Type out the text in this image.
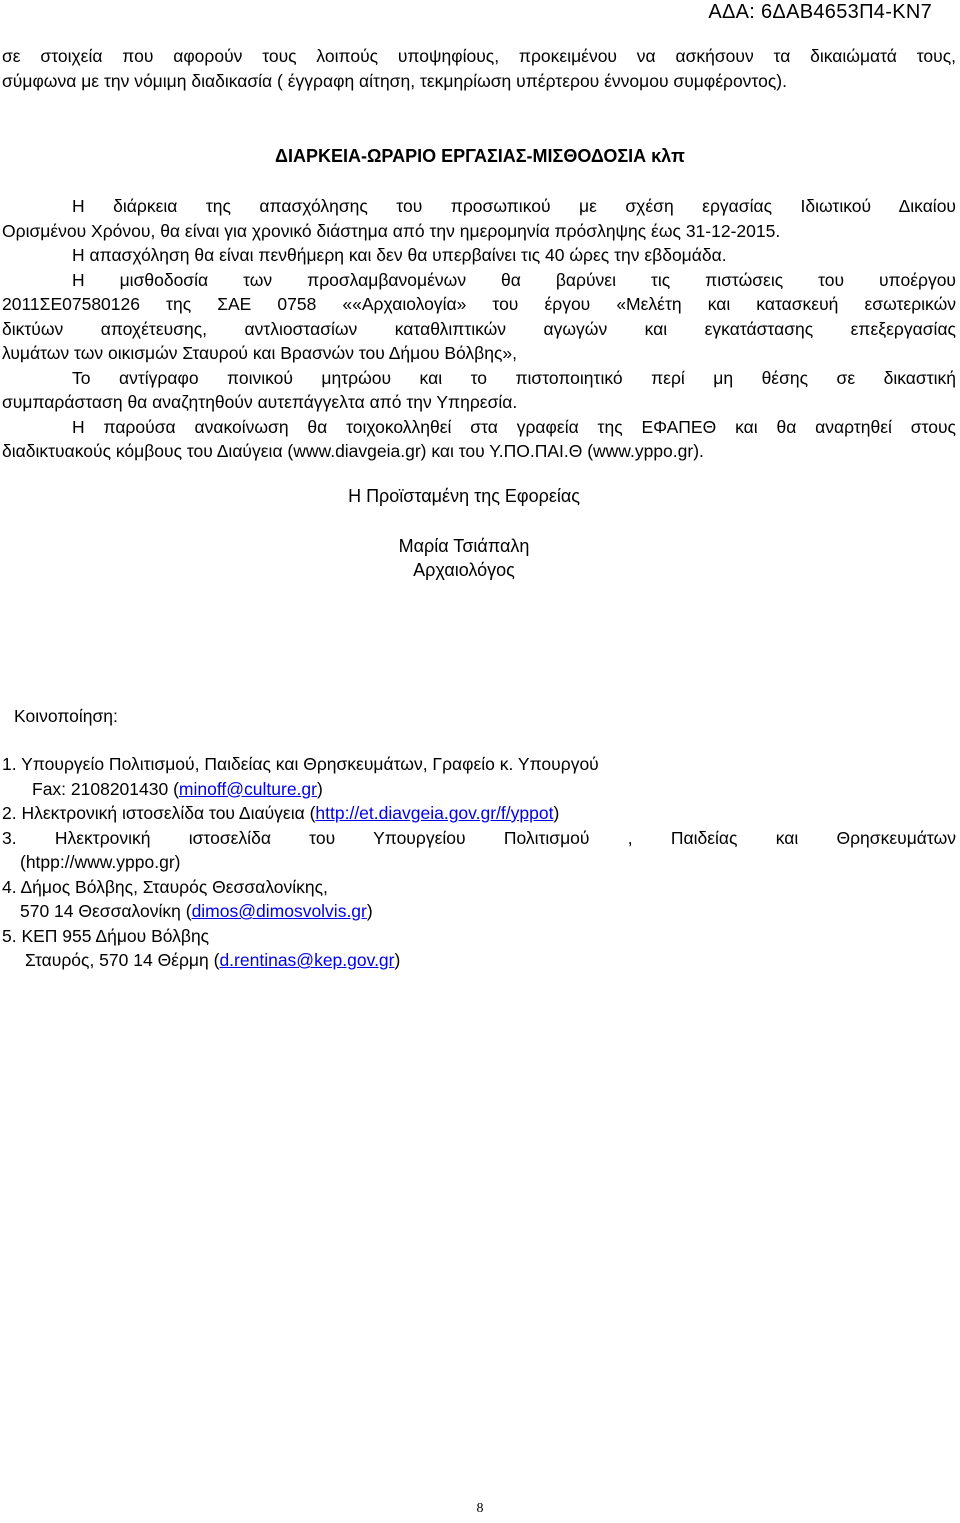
ΑΔΑ: 6ΔΑΒ4653Π4-ΚΝ7
σε στοιχεία που αφορούν τους λοιπούς υποψηφίους, προκειμένου να ασκήσουν τα δικαιώματά τους,
σύμφωνα με την νόμιμη διαδικασία ( έγγραφη αίτηση, τεκμηρίωση υπέρτερου έννομου συμφέροντος).
ΔΙΑΡΚΕΙΑ-ΩΡΑΡΙΟ ΕΡΓΑΣΙΑΣ-ΜΙΣΘΟΔΟΣΙΑ κλπ
Η διάρκεια της απασχόλησης του προσωπικού με σχέση εργασίας Ιδιωτικού Δικαίου
Ορισμένου Χρόνου, θα είναι για χρονικό διάστημα από την ημερομηνία πρόσληψης έως 31-12-2015.
Η απασχόληση θα είναι πενθήμερη και δεν θα υπερβαίνει τις 40 ώρες την εβδομάδα.
Η μισθοδοσία των προσλαμβανομένων θα βαρύνει τις πιστώσεις του υποέργου
2011ΣΕ07580126 της ΣΑΕ 0758 ««Αρχαιολογία» του έργου «Μελέτη και κατασκευή εσωτερικών
δικτύων αποχέτευσης, αντλιοστασίων καταθλιπτικών αγωγών και εγκατάστασης επεξεργασίας
λυμάτων των οικισμών Σταυρού και Βρασνών του Δήμου Βόλβης»,
Το αντίγραφο ποινικού μητρώου και το πιστοποιητικό περί μη θέσης σε δικαστική
συμπαράσταση θα αναζητηθούν αυτεπάγγελτα από την Υπηρεσία.
Η παρούσα ανακοίνωση θα τοιχοκολληθεί στα γραφεία της ΕΦΑΠΕΘ και θα αναρτηθεί στους
διαδικτυακούς κόμβους του Διαύγεια (www.diavgeia.gr) και του Υ.ΠΟ.ΠΑΙ.Θ (www.yppo.gr).
Η Προϊσταμένη της Εφορείας
Μαρία Τσιάπαλη
Αρχαιολόγος
Κοινοποίηση:
1. Υπουργείο Πολιτισμού, Παιδείας και Θρησκευμάτων, Γραφείο κ. Υπουργού
Fax: 2108201430 (minoff@culture.gr)
2. Ηλεκτρονική ιστοσελίδα του Διαύγεια (http://et.diavgeia.gov.gr/f/yppot)
3. Ηλεκτρονική ιστοσελίδα του Υπουργείου Πολιτισμού , Παιδείας και Θρησκευμάτων
(htpp://www.yppo.gr)
4. Δήμος Βόλβης, Σταυρός Θεσσαλονίκης,
570 14 Θεσσαλονίκη (dimos@dimosvolvis.gr)
5. ΚΕΠ 955 Δήμου Βόλβης
Σταυρός, 570 14 Θέρμη (d.rentinas@kep.gov.gr)
8
